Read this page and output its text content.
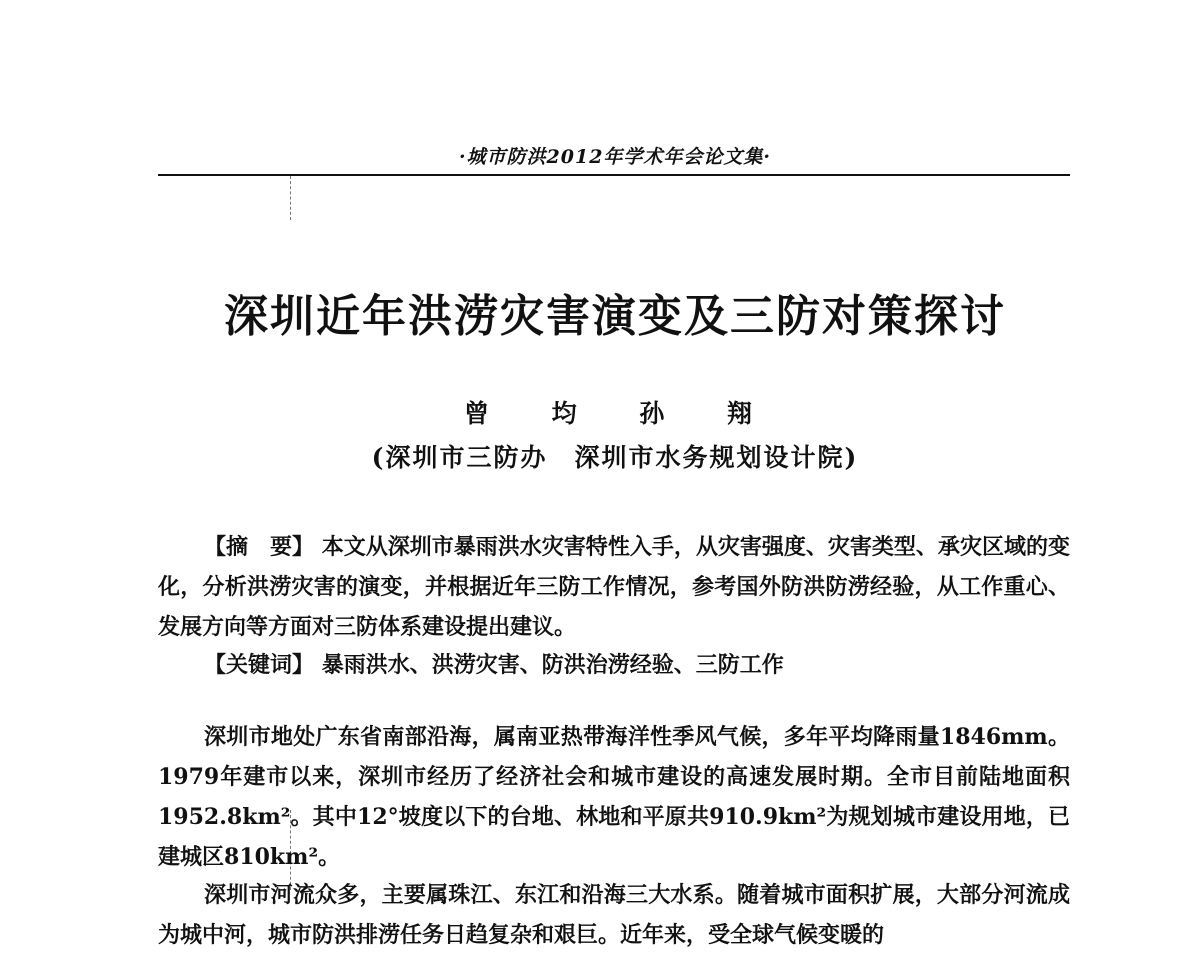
·城市防洪2012年学术年会论文集·
深圳近年洪涝灾害演变及三防对策探讨
曾 均 孙 翔
(深圳市三防办　深圳市水务规划设计院)

【摘　要】 本文从深圳市暴雨洪水灾害特性入手，从灾害强度、灾害类型、承灾区域的变化，分析洪涝灾害的演变，并根据近年三防工作情况，参考国外防洪防涝经验，从工作重心、发展方向等方面对三防体系建设提出建议。

【关键词】 暴雨洪水、洪涝灾害、防洪治涝经验、三防工作

深圳市地处广东省南部沿海，属南亚热带海洋性季风气候，多年平均降雨量1846mm。1979年建市以来，深圳市经历了经济社会和城市建设的高速发展时期。全市目前陆地面积1952.8km²。其中12°坡度以下的台地、林地和平原共910.9km²为规划城市建设用地，已建城区810km²。

深圳市河流众多，主要属珠江、东江和沿海三大水系。随着城市面积扩展，大部分河流成为城中河，城市防洪排涝任务日趋复杂和艰巨。近年来，受全球气候变暖的
